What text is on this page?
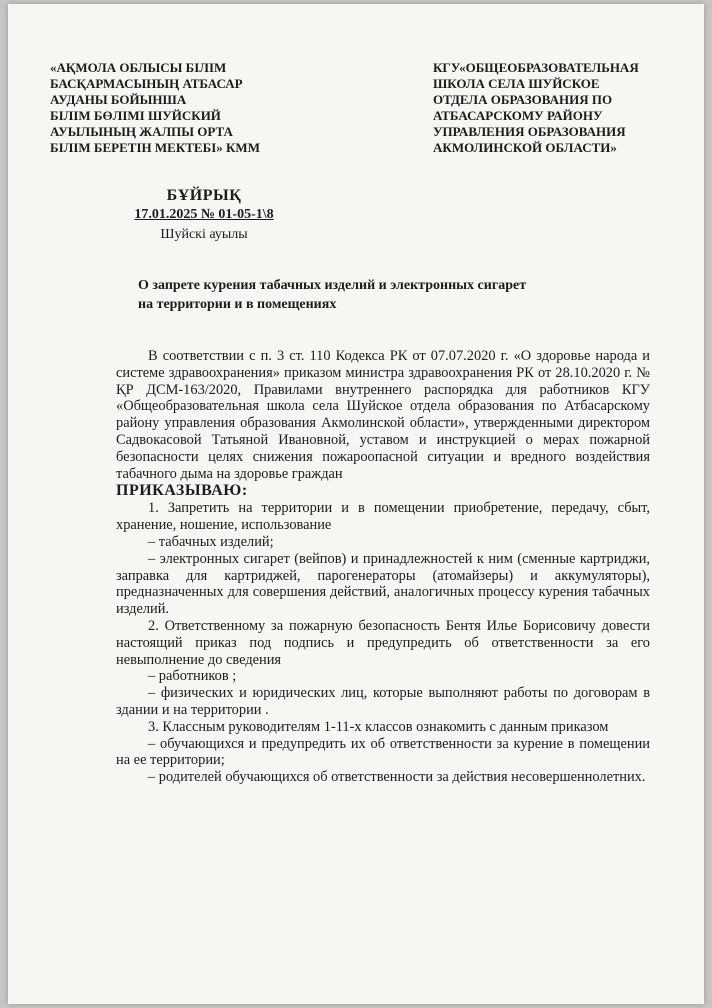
«АҚМОЛА ОБЛЫСЫ БІЛІМ
БАСҚАРМАСЫНЫҢ АТБАСАР
АУДАНЫ БОЙЫНША
БІЛІМ БӨЛІМІ ШУЙСКИЙ
АУЫЛЫНЫҢ ЖАЛПЫ ОРТА
БІЛІМ БЕРЕТІН МЕКТЕБІ» КММ
КГУ«ОБЩЕОБРАЗОВАТЕЛЬНАЯ
ШКОЛА СЕЛА ШУЙСКОЕ
ОТДЕЛА ОБРАЗОВАНИЯ ПО
АТБАСАРСКОМУ РАЙОНУ
УПРАВЛЕНИЯ ОБРАЗОВАНИЯ
АКМОЛИНСКОЙ ОБЛАСТИ»
БҰЙРЫҚ
17.01.2025 № 01-05-1\8
Шуйскі ауылы
О запрете курения табачных изделий и электронных сигарет
на территории и в помещениях

В соответствии с п. 3 ст. 110 Кодекса РК от 07.07.2020 г. «О здоровье народа и системе здравоохранения» приказом министра здравоохранения РК от 28.10.2020 г. № ҚР ДСМ-163/2020, Правилами внутреннего распорядка для работников КГУ «Общеобразовательная школа села Шуйское отдела образования по Атбасарскому району управления образования Акмолинской области», утвержденными директором Садвокасовой Татьяной Ивановной, уставом и инструкцией о мерах пожарной безопасности целях снижения пожароопасной ситуации и вредного воздействия табачного дыма на здоровье граждан

ПРИКАЗЫВАЮ:

1. Запретить на территории и в помещении приобретение, передачу, сбыт, хранение, ношение, использование

– табачных изделий;

– электронных сигарет (вейпов) и принадлежностей к ним (сменные картриджи, заправка для картриджей, парогенераторы (атомайзеры) и аккумуляторы), предназначенных для совершения действий, аналогичных процессу курения табачных изделий.

2. Ответственному за пожарную безопасность Бентя Илье Борисовичу довести настоящий приказ под подпись и предупредить об ответственности за его невыполнение до сведения

– работников ;

– физических и юридических лиц, которые выполняют работы по договорам в здании и на территории .

3. Классным руководителям 1-11-х классов ознакомить с данным приказом

– обучающихся и предупредить их об ответственности за курение в помещении на ее территории;

– родителей обучающихся об ответственности за действия несовершеннолетних.
